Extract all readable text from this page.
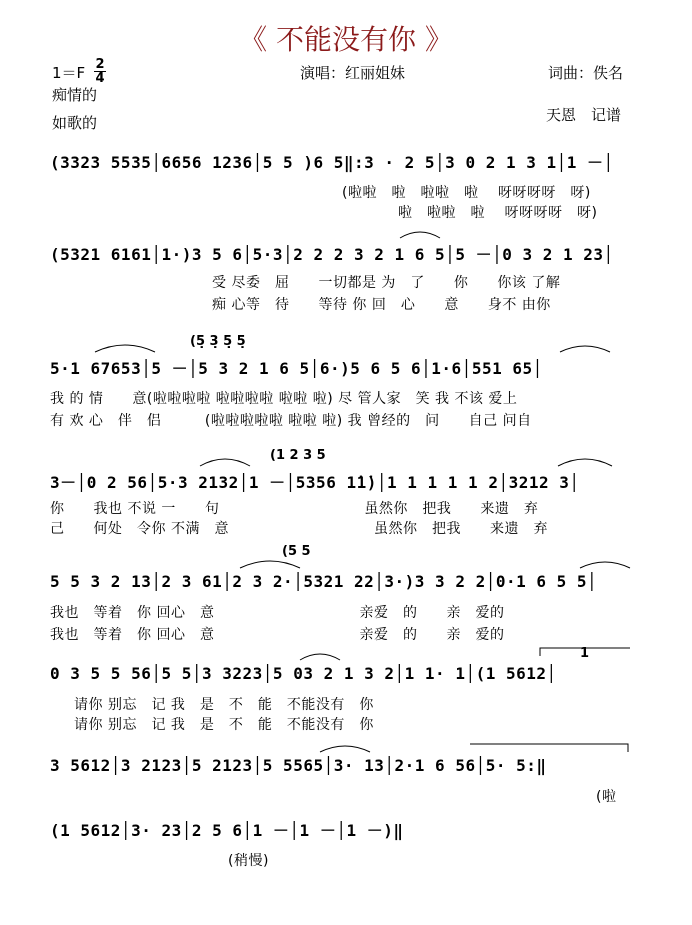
《 不能没有你 》
$1=F \frac{2}{4}$	演唱：红丽姐妹	词曲：佚名
痴情的
天恩　记谱
如歌的
(3323 5535│6656 1236│5 5 )6 5‖:3 · 2 5│3 0 2 1 3 1│1 －│
(啦啦　啦　啦啦　啦　 呀呀呀呀　呀)
啦　啦啦　啦　 呀呀呀呀　呀)
(5321 6161│1·)3 5 6│5·3│2 2 2 3 2 1 6 5│5 －│0 3 2 1 23│
受 尽委　屈　　一切都是 为　了　　你　　你该 了解
痴 心等　待　　等待 你 回　心　　意　　身不 由你
(5̣ 3̣ 5̣ 5̣
5·1 67653│5 －│5 3 2 1 6 5│6·)5 6 5 6│1·6│551 65│
我 的 情　　意(啦啦啦啦 啦啦啦啦 啦啦 啦) 尽 管人家　笑 我 不该 爱上
有 欢 心　伴　侣　　　(啦啦啦啦啦 啦啦 啦) 我 曾经的　问　　自己 问自
(1 2 3 5
3－│0 2 56│5·3 2132│1 －│5356 1̇1̇)│1 1 1 1 1 2│3212 3│
你　　我也 不说 一　　句　　　　　　　　　　虽然你　把我　　来遗　弃
己　　何处　令你 不满　意　　　　　　　　　　虽然你　把我　　来遗　弃
(5 5
5 5 3 2 13│2 3 61│2 3 2·│5321 22│3·)3 3 2 2│0·1 6 5 5│
我也　等着　你 回心　意　　　　　　　　　　亲爱　的　　亲　爱的
我也　等着　你 回心　意　　　　　　　　　　亲爱　的　　亲　爱的
1
0 3 5 5 56│5 5│3 3223│5 03 2 1 3 2│1 1· 1│(1 5612│
请你 别忘　记 我　是　不　能　不能没有　你
请你 别忘　记 我　是　不　能　不能没有　你
3 5612│3 2123│5 2123│5 5565│3· 13│2·1 6 56│5· 5:‖
(啦
(1 5612│3· 23│2 5 6│1 －│1 －│1 －)‖
(稍慢)
